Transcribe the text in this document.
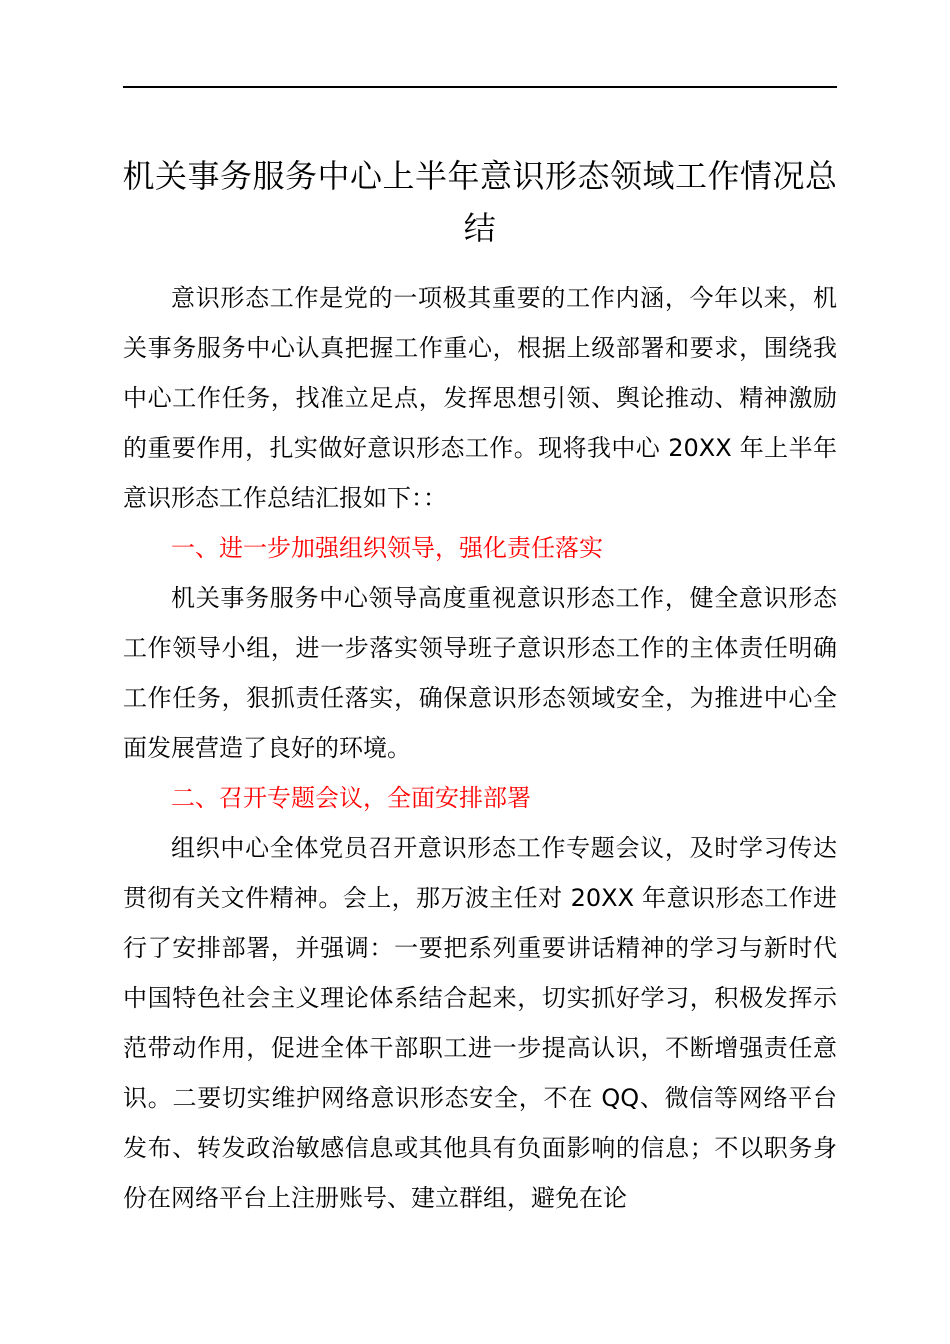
机关事务服务中心上半年意识形态领域工作情况总结

意识形态工作是党的一项极其重要的工作内涵，今年以来，机关事务服务中心认真把握工作重心，根据上级部署和要求，围绕我中心工作任务，找准立足点，发挥思想引领、舆论推动、精神激励的重要作用，扎实做好意识形态工作。现将我中心 20XX 年上半年意识形态工作总结汇报如下：：

一、进一步加强组织领导，强化责任落实

机关事务服务中心领导高度重视意识形态工作，健全意识形态工作领导小组，进一步落实领导班子意识形态工作的主体责任明确工作任务，狠抓责任落实，确保意识形态领域安全，为推进中心全面发展营造了良好的环境。

二、召开专题会议，全面安排部署

组织中心全体党员召开意识形态工作专题会议，及时学习传达贯彻有关文件精神。会上，那万波主任对 20XX 年意识形态工作进行了安排部署，并强调：一要把系列重要讲话精神的学习与新时代中国特色社会主义理论体系结合起来，切实抓好学习，积极发挥示范带动作用，促进全体干部职工进一步提高认识，不断增强责任意识。二要切实维护网络意识形态安全，不在 QQ、微信等网络平台发布、转发政治敏感信息或其他具有负面影响的信息；不以职务身份在网络平台上注册账号、建立群组，避免在论
